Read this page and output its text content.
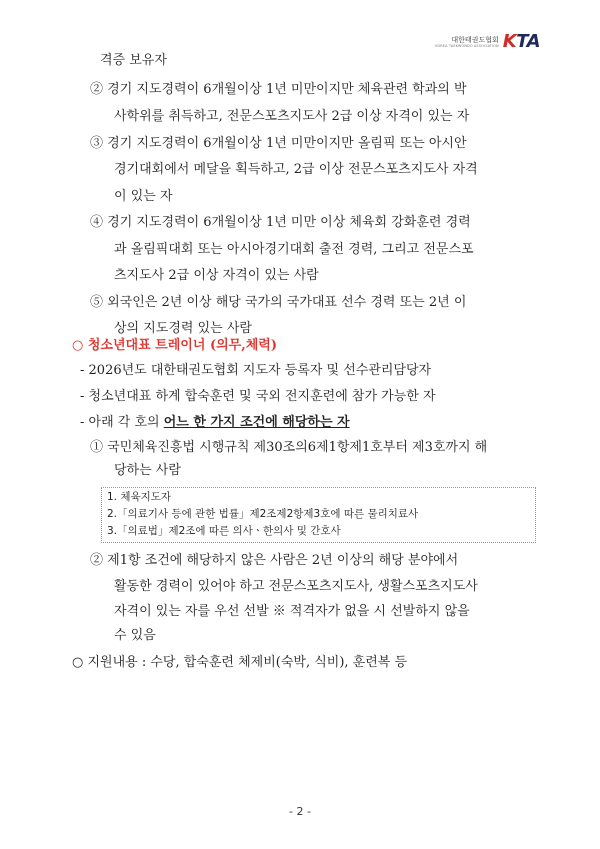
대한태권도협회
KOREA TAEKWONDO ASSOCIATION KTA
격증 보유자
② 경기 지도경력이 6개월이상 1년 미만이지만 체육관련 학과의 박
사학위를 취득하고, 전문스포츠지도사 2급 이상 자격이 있는 자
③ 경기 지도경력이 6개월이상 1년 미만이지만 올림픽 또는 아시안
경기대회에서 메달을 획득하고, 2급 이상 전문스포츠지도사 자격
이 있는 자
④ 경기 지도경력이 6개월이상 1년 미만 이상 체육회 강화훈련 경력
과 올림픽대회 또는 아시아경기대회 출전 경력, 그리고 전문스포
츠지도사 2급 이상 자격이 있는 사람
⑤ 외국인은 2년 이상 해당 국가의 국가대표 선수 경력 또는 2년 이
상의 지도경력 있는 사람
○ 청소년대표 트레이너 (의무,체력)
- 2026년도 대한태권도협회 지도자 등록자 및 선수관리담당자
- 청소년대표 하계 합숙훈련 및 국외 전지훈련에 참가 가능한 자
- 아래 각 호의 어느 한 가지 조건에 해당하는 자
① 국민체육진흥법 시행규칙 제30조의6제1항제1호부터 제3호까지 해
당하는 사람
1. 체육지도자
2.「의료기사 등에 관한 법률」제2조제2항제3호에 따른 물리치료사
3.「의료법」제2조에 따른 의사ㆍ한의사 및 간호사
② 제1항 조건에 해당하지 않은 사람은 2년 이상의 해당 분야에서
활동한 경력이 있어야 하고 전문스포츠지도사, 생활스포츠지도사
자격이 있는 자를 우선 선발 ※ 적격자가 없을 시 선발하지 않을
수 있음
○ 지원내용 : 수당, 합숙훈련 체제비(숙박, 식비), 훈련복 등
- 2 -
